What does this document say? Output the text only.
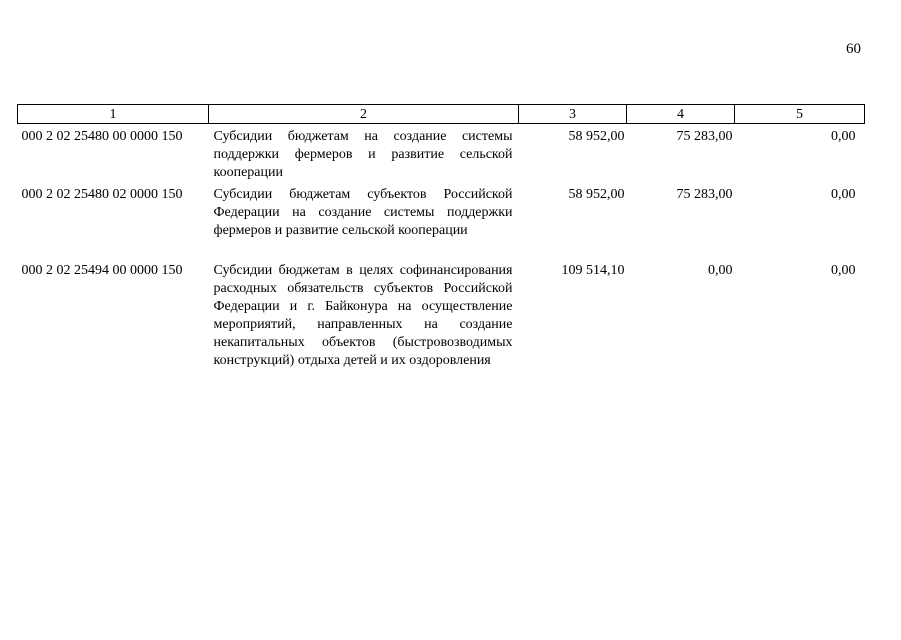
60
1	2	3	4	5
000 2 02 25480 00 0000 150	Субсидии бюджетам на создание системы поддержки фермеров и развитие сельской кооперации	58 952,00	75 283,00	0,00
000 2 02 25480 02 0000 150	Субсидии бюджетам субъектов Российской Федерации на создание системы поддержки фермеров и развитие сельской кооперации	58 952,00	75 283,00	0,00

000 2 02 25494 00 0000 150	Субсидии бюджетам в целях софинансирования расходных обязательств субъектов Российской Федерации и г. Байконура на осуществление мероприятий, направленных на создание некапитальных объектов (быстровозводимых конструкций) отдыха детей и их оздоровления	109 514,10	0,00	0,00
